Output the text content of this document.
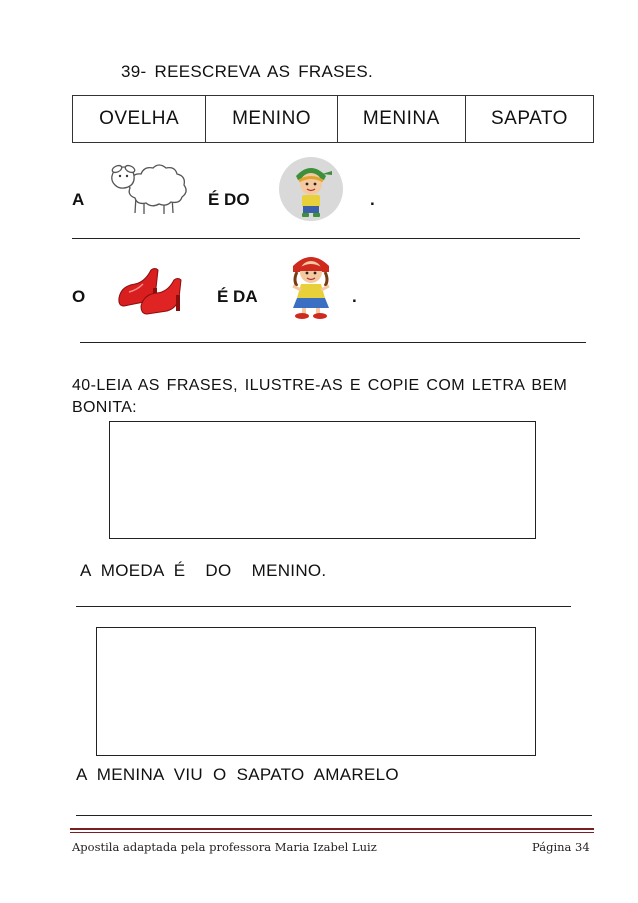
39- REESCREVA AS FRASES.
OVELHA	MENINO	MENINA	SAPATO
A	É DO	.
O	É DA	.
40-LEIA AS FRASES, ILUSTRE-AS E COPIE COM LETRA BEM
BONITA:
A  MOEDA  É    DO    MENINO.
A  MENINA  VIU  O  SAPATO  AMARELO
Apostila adaptada pela professora Maria Izabel Luiz	Página 34
